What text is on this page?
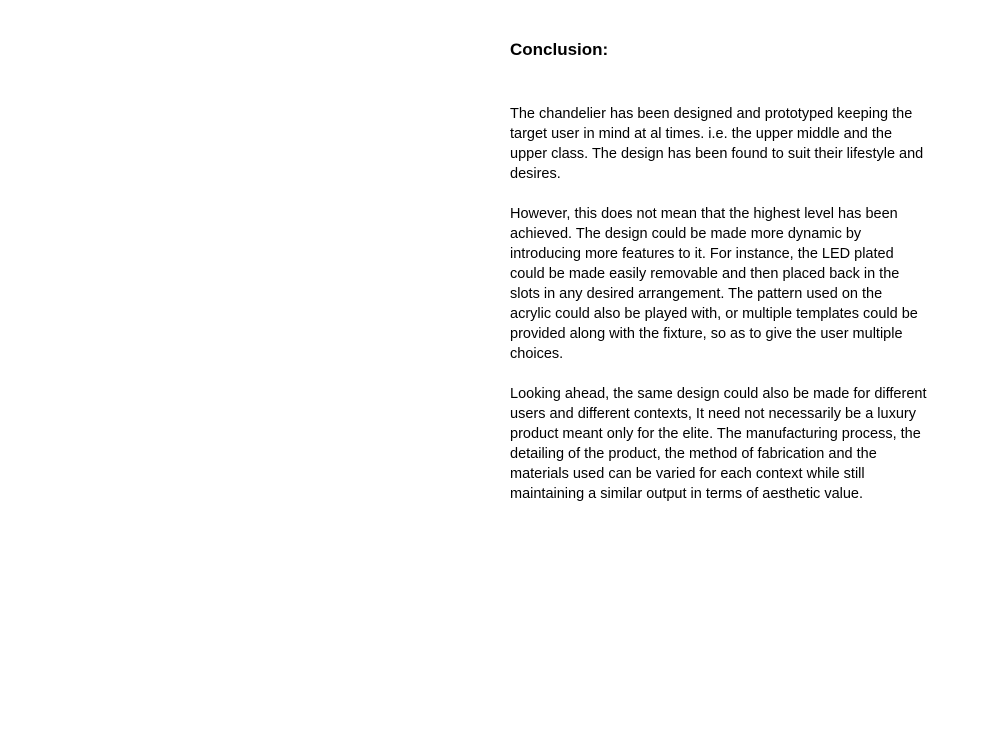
Conclusion:

The chandelier has been designed and prototyped keeping the
target user in mind at al times. i.e. the upper middle and the
upper class. The design has been found to suit their lifestyle and
desires.

However, this does not mean that the highest level has been
achieved. The design could be made more dynamic by
introducing more features to it. For instance, the LED plated
could be made easily removable and then placed back in the
slots in any desired arrangement. The pattern used on the
acrylic could also be played with, or multiple templates could be
provided along with the fixture, so as to give the user multiple
choices.

Looking ahead, the same design could also be made for different
users and different contexts, It need not necessarily be a luxury
product meant only for the elite. The manufacturing process, the
detailing of the product, the method of fabrication and the
materials used can be varied for each context while still
maintaining a similar output in terms of aesthetic value.
